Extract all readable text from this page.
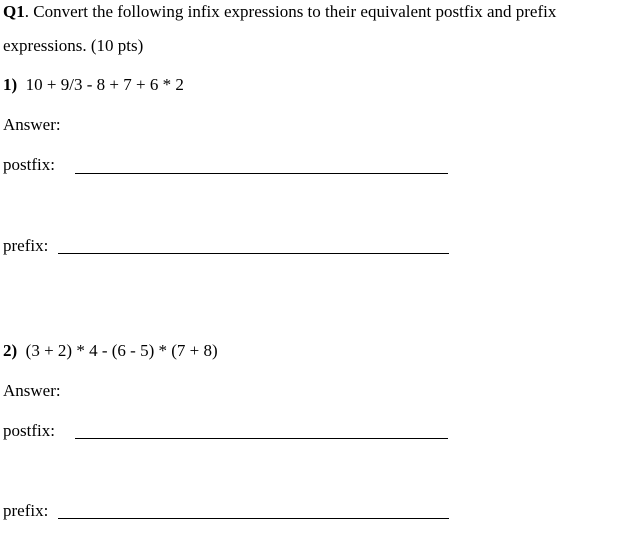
Q1. Convert the following infix expressions to their equivalent postfix and prefix
expressions. (10 pts)
1) 10 + 9/3 - 8 + 7 + 6 * 2
Answer:
postfix:
prefix:
2) (3 + 2) * 4 - (6 - 5) * (7 + 8)
Answer:
postfix:
prefix:
